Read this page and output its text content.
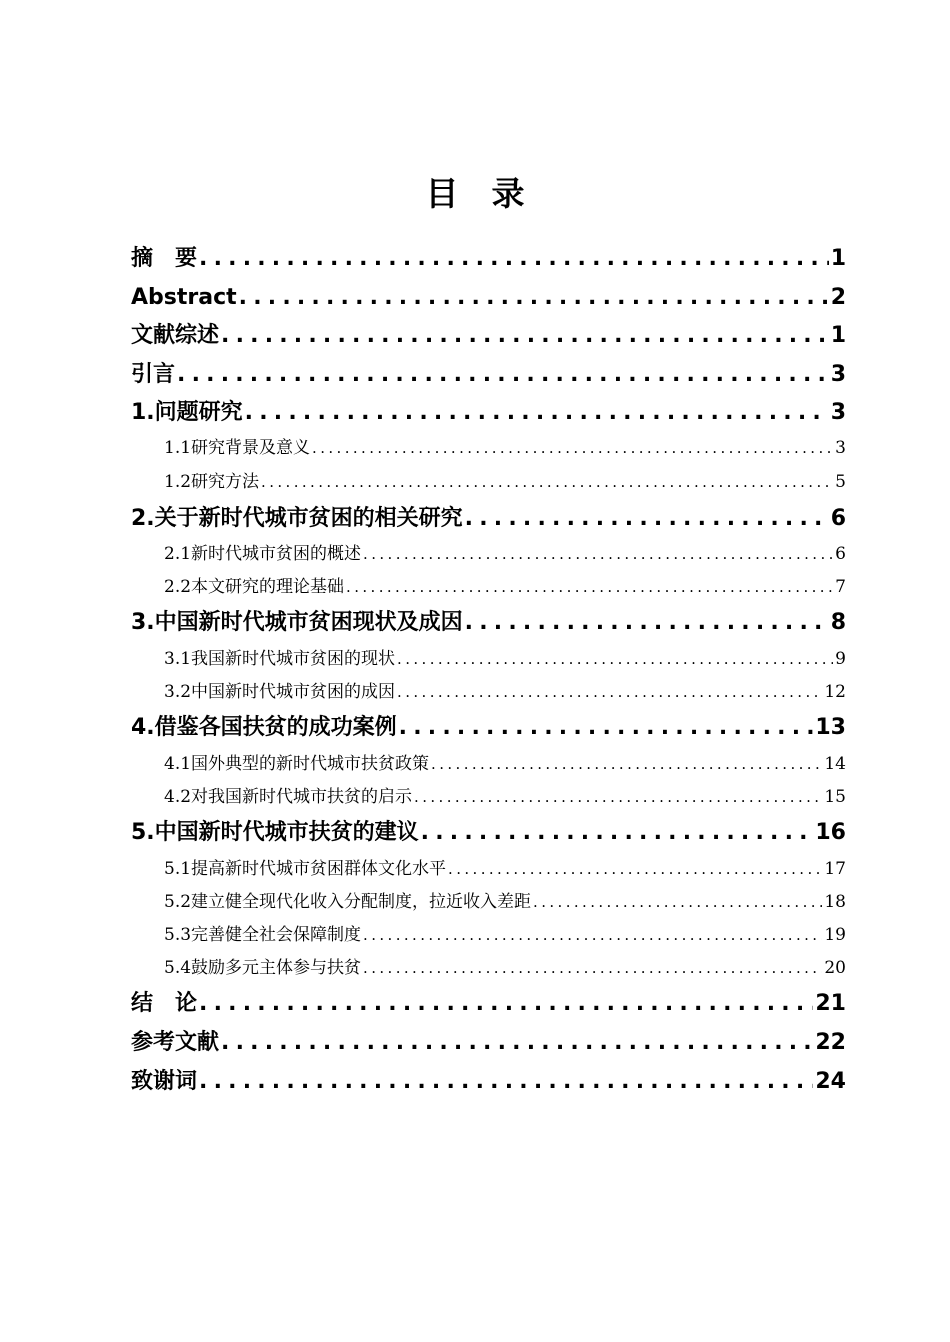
目　录
摘　要 .....	1
Abstract .....	2
文献综述 .....	1
引言 .....	3
1.问题研究 .....	3
1.1研究背景及意义 .....	3
1.2研究方法 .....	5
2.关于新时代城市贫困的相关研究 .....	6
2.1新时代城市贫困的概述 .....	6
2.2本文研究的理论基础 .....	7
3.中国新时代城市贫困现状及成因 .....	8
3.1我国新时代城市贫困的现状 .....	9
3.2中国新时代城市贫困的成因 .....	12
4.借鉴各国扶贫的成功案例 .....	13
4.1国外典型的新时代城市扶贫政策 .....	14
4.2对我国新时代城市扶贫的启示 .....	15
5.中国新时代城市扶贫的建议 .....	16
5.1提高新时代城市贫困群体文化水平 .....	17
5.2建立健全现代化收入分配制度，拉近收入差距 .....	18
5.3完善健全社会保障制度 .....	19
5.4鼓励多元主体参与扶贫 .....	20
结　论 .....	21
参考文献 .....	22
致谢词 .....	24
